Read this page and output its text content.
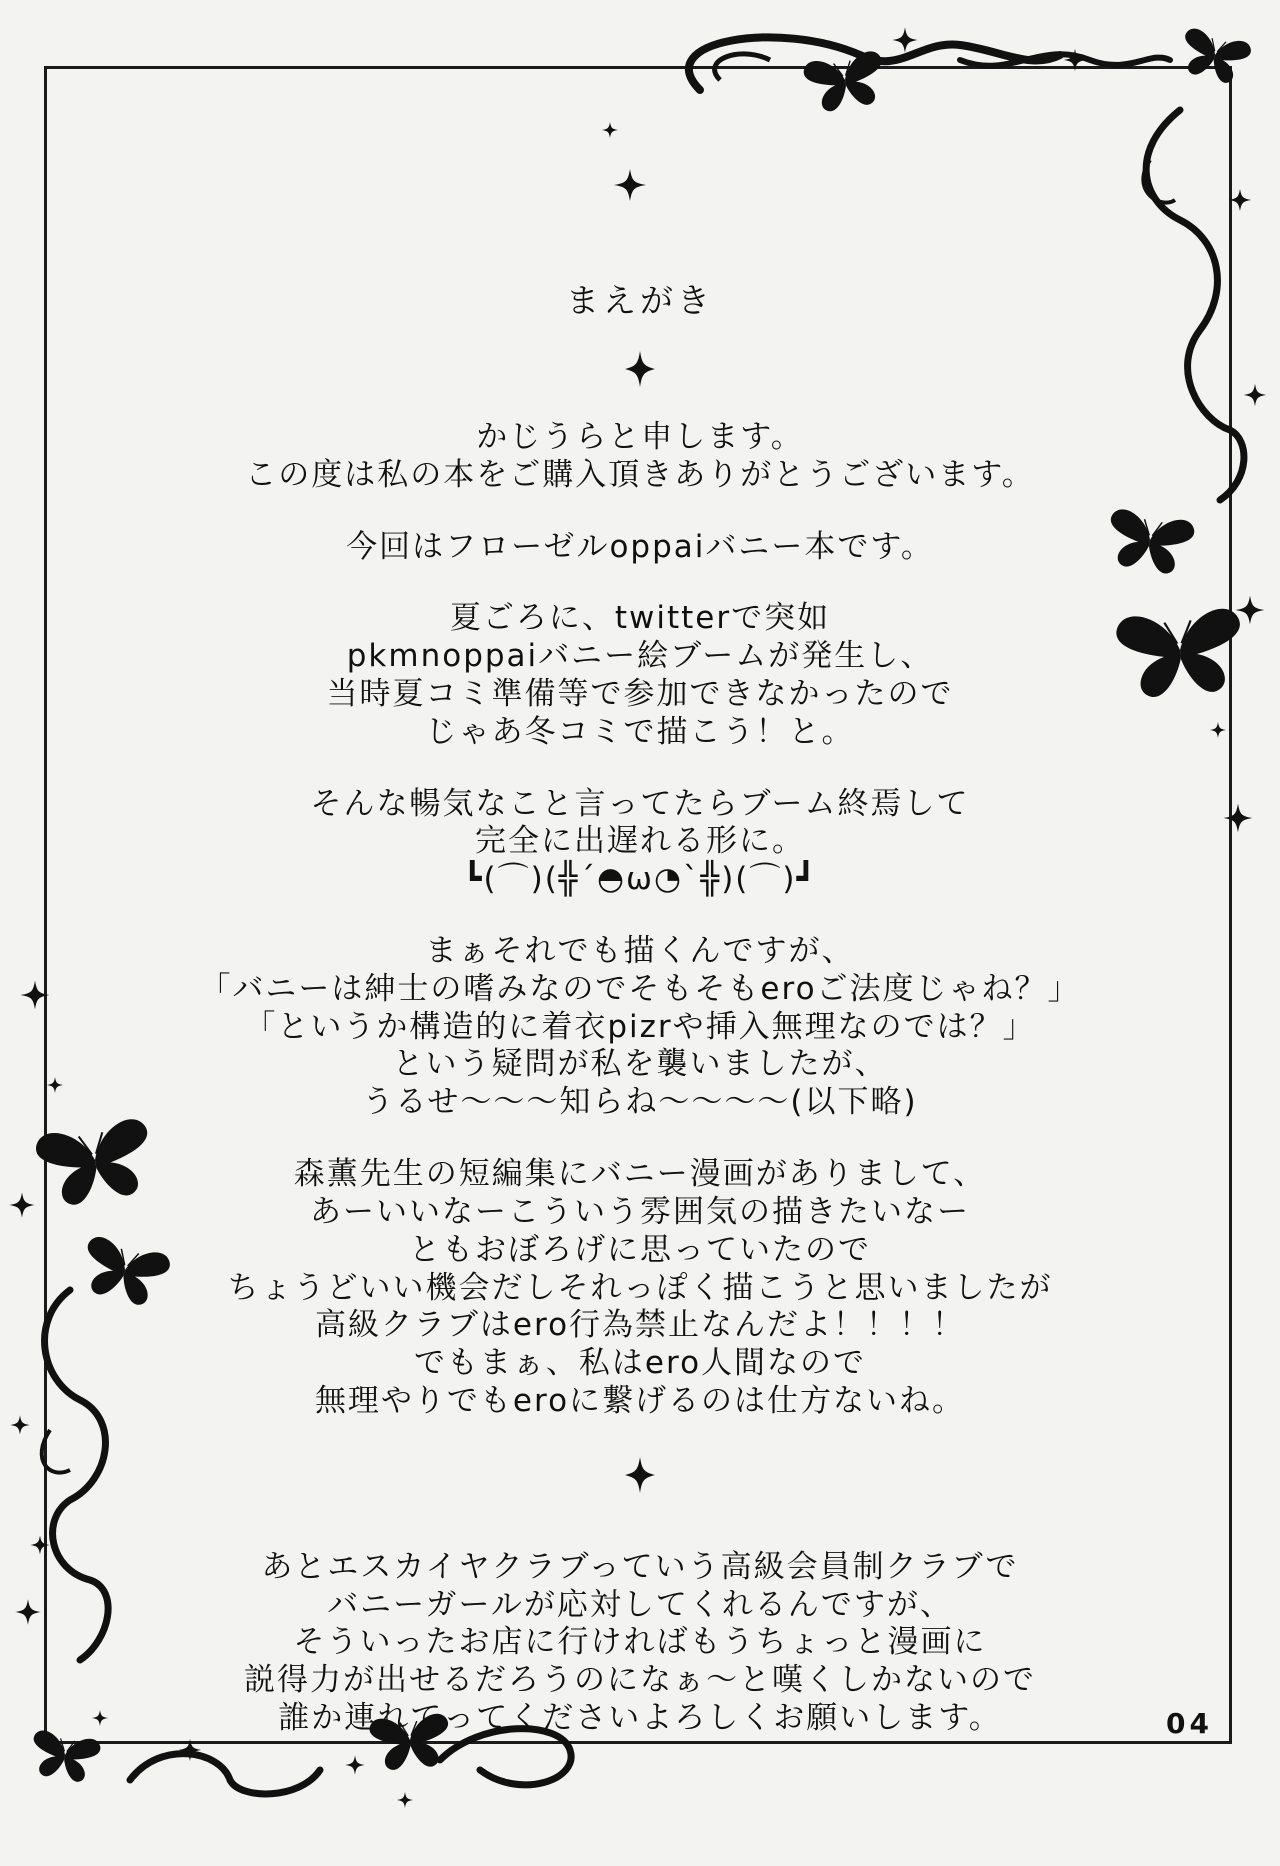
まえがき
かじうらと申します。
この度は私の本をご購入頂きありがとうございます。
今回はフローゼルoppaiバニー本です。
夏ごろに、twitterで突如
pkmnoppaiバニー絵ブームが発生し、
当時夏コミ準備等で参加できなかったので
じゃあ冬コミで描こう！と。
そんな暢気なこと言ってたらブーム終焉して
完全に出遅れる形に。
┗(⌒)(╬´◓ω◔`╬)(⌒)┛
まぁそれでも描くんですが、
「バニーは紳士の嗜みなのでそもそもeroご法度じゃね？」
「というか構造的に着衣pizrや挿入無理なのでは？」
という疑問が私を襲いましたが、
うるせ～～～知らね～～～～(以下略)
森薫先生の短編集にバニー漫画がありまして、
あーいいなーこういう雰囲気の描きたいなー
ともおぼろげに思っていたので
ちょうどいい機会だしそれっぽく描こうと思いましたが
高級クラブはero行為禁止なんだよ！！！！
でもまぁ、私はero人間なので
無理やりでもeroに繋げるのは仕方ないね。
あとエスカイヤクラブっていう高級会員制クラブで
バニーガールが応対してくれるんですが、
そういったお店に行ければもうちょっと漫画に
説得力が出せるだろうのになぁ～と嘆くしかないので
誰か連れてってくださいよろしくお願いします。	04
